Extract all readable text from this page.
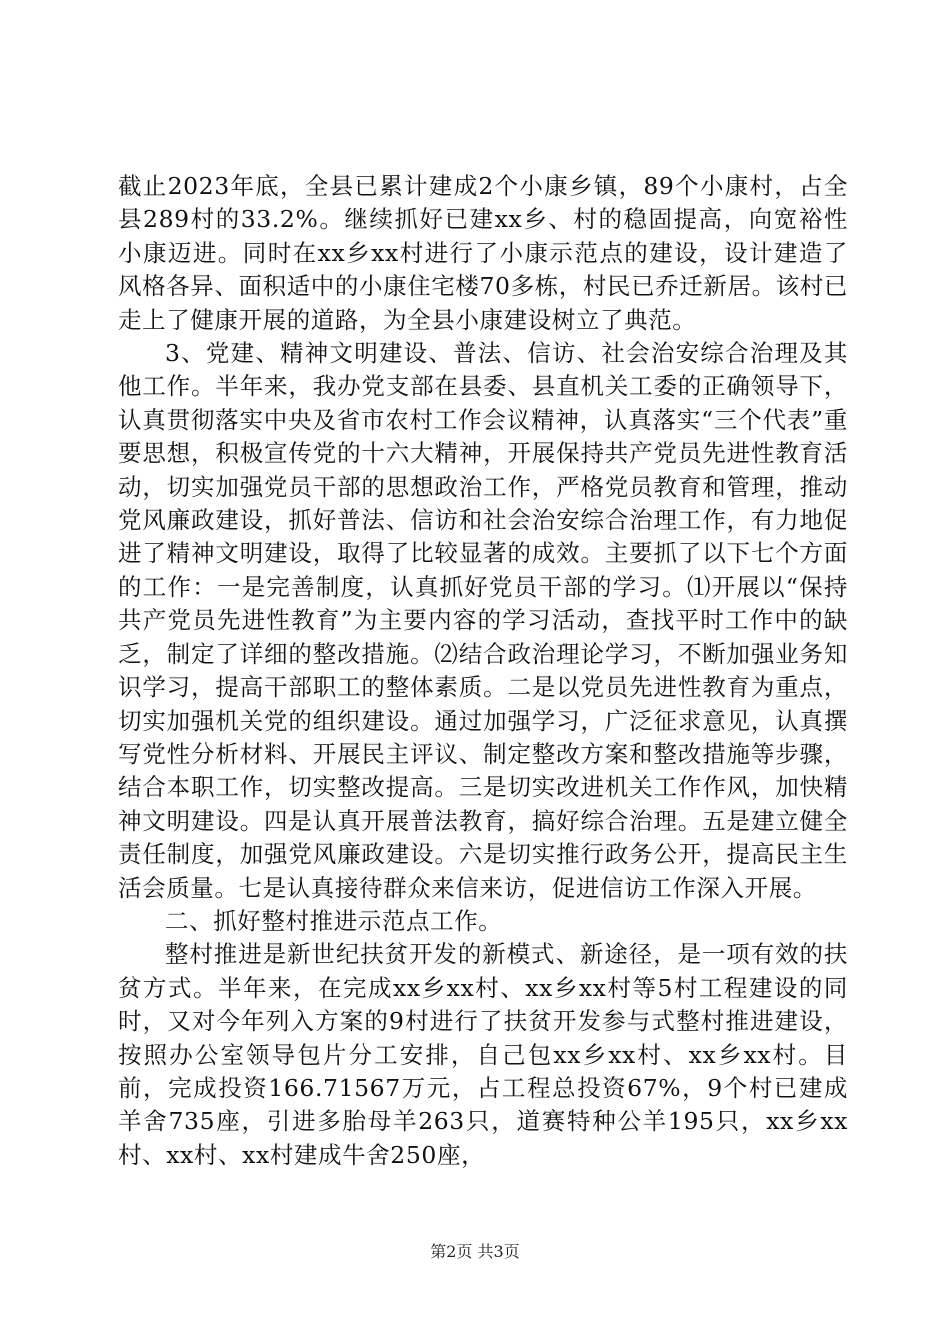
截止2023年底，全县已累计建成2个小康乡镇，89个小康村，占全县289村的33.2%。继续抓好已建xx乡、村的稳固提高，向宽裕性小康迈进。同时在xx乡xx村进行了小康示范点的建设，设计建造了风格各异、面积适中的小康住宅楼70多栋，村民已乔迁新居。该村已走上了健康开展的道路，为全县小康建设树立了典范。

3、党建、精神文明建设、普法、信访、社会治安综合治理及其他工作。半年来，我办党支部在县委、县直机关工委的正确领导下，认真贯彻落实中央及省市农村工作会议精神，认真落实“三个代表”重要思想，积极宣传党的十六大精神，开展保持共产党员先进性教育活动，切实加强党员干部的思想政治工作，严格党员教育和管理，推动党风廉政建设，抓好普法、信访和社会治安综合治理工作，有力地促进了精神文明建设，取得了比较显著的成效。主要抓了以下七个方面的工作：一是完善制度，认真抓好党员干部的学习。⑴开展以“保持共产党员先进性教育”为主要内容的学习活动，查找平时工作中的缺乏，制定了详细的整改措施。⑵结合政治理论学习，不断加强业务知识学习，提高干部职工的整体素质。二是以党员先进性教育为重点，切实加强机关党的组织建设。通过加强学习，广泛征求意见，认真撰写党性分析材料、开展民主评议、制定整改方案和整改措施等步骤，结合本职工作，切实整改提高。三是切实改进机关工作作风，加快精神文明建设。四是认真开展普法教育，搞好综合治理。五是建立健全责任制度，加强党风廉政建设。六是切实推行政务公开，提高民主生活会质量。七是认真接待群众来信来访，促进信访工作深入开展。

二、抓好整村推进示范点工作。

整村推进是新世纪扶贫开发的新模式、新途径，是一项有效的扶贫方式。半年来，在完成xx乡xx村、xx乡xx村等5村工程建设的同时，又对今年列入方案的9村进行了扶贫开发参与式整村推进建设，按照办公室领导包片分工安排，自己包xx乡xx村、xx乡xx村。目前，完成投资166.71567万元，占工程总投资67%，9个村已建成羊舍735座，引进多胎母羊263只，道赛特种公羊195只，xx乡xx村、xx村、xx村建成牛舍250座，

第2页 共3页
